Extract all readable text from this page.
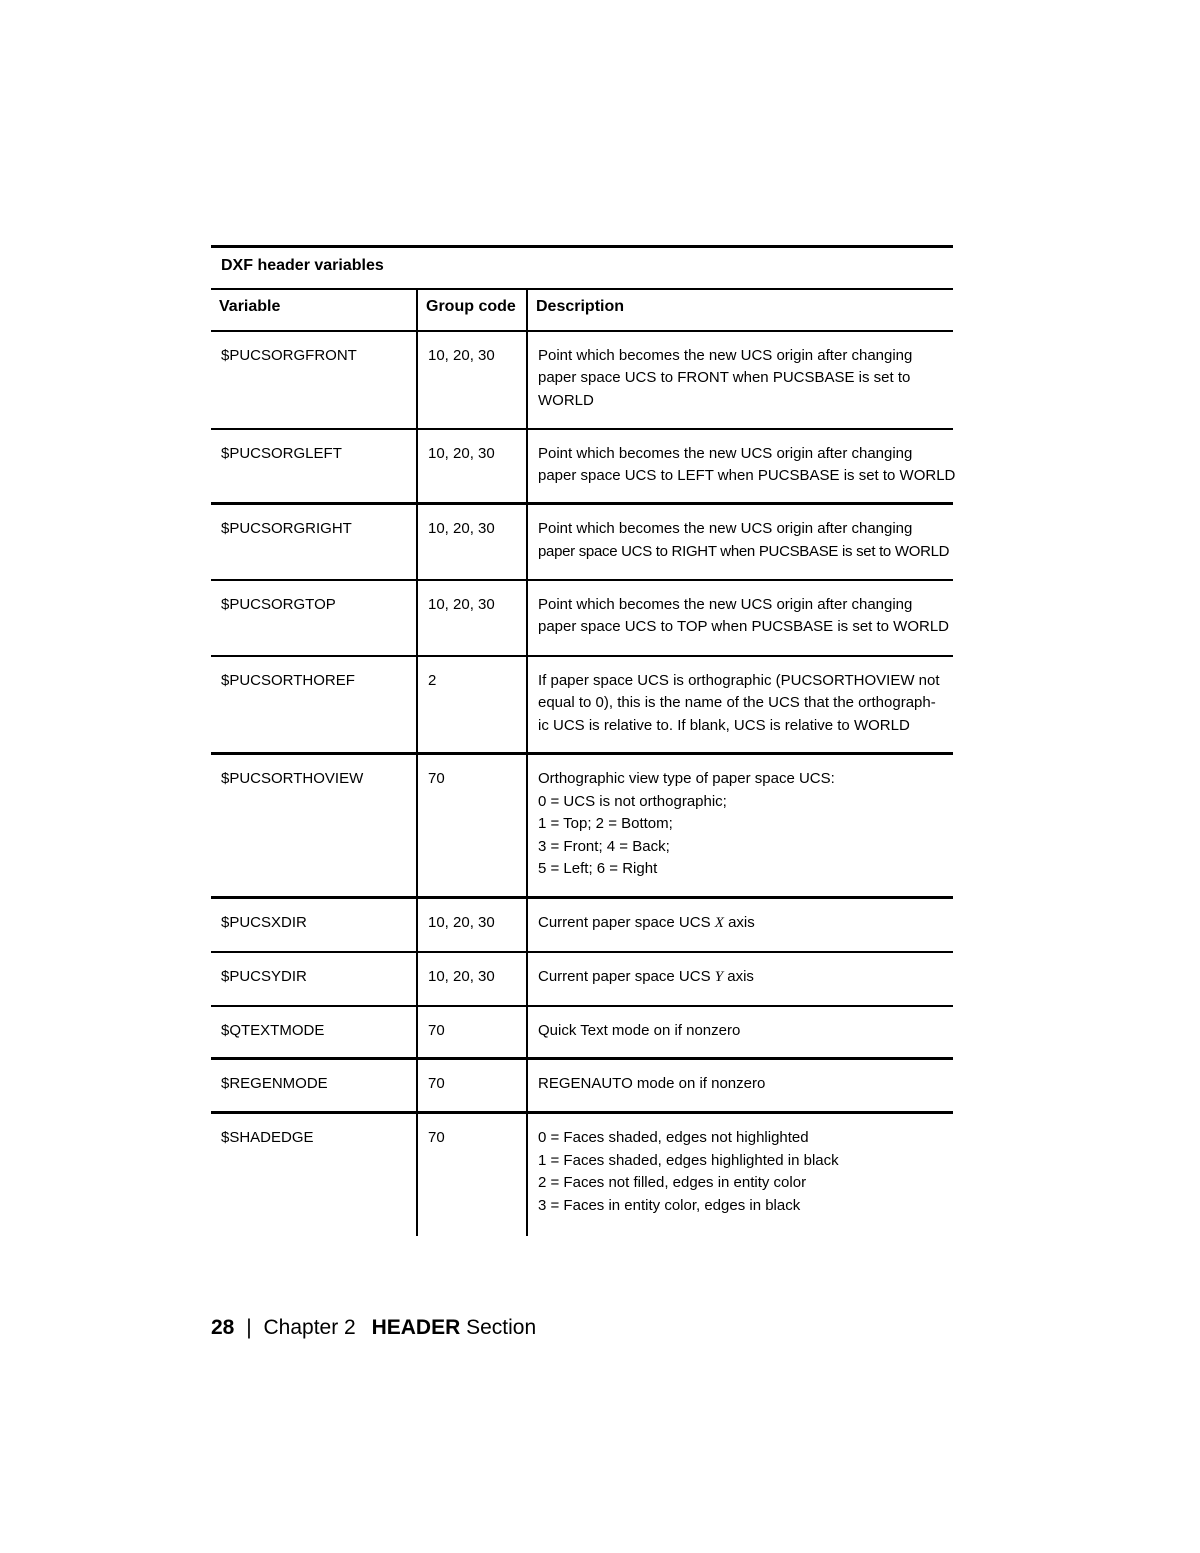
DXF header variables		
Variable	Group code	Description
$PUCSORGFRONT	10, 20, 30	Point which becomes the new UCS origin after changing
paper space UCS to FRONT when PUCSBASE is set to
WORLD

$PUCSORGLEFT	10, 20, 30	Point which becomes the new UCS origin after changing
paper space UCS to LEFT when PUCSBASE is set to WORLD

$PUCSORGRIGHT	10, 20, 30	Point which becomes the new UCS origin after changing
paper space UCS to RIGHT when PUCSBASE is set to WORLD

$PUCSORGTOP	10, 20, 30	Point which becomes the new UCS origin after changing
paper space UCS to TOP when PUCSBASE is set to WORLD

$PUCSORTHOREF	2	If paper space UCS is orthographic (PUCSORTHOVIEW not
equal to 0), this is the name of the UCS that the orthograph-
ic UCS is relative to. If blank, UCS is relative to WORLD

$PUCSORTHOVIEW	70	Orthographic view type of paper space UCS:
0 = UCS is not orthographic;
1 = Top; 2 = Bottom;
3 = Front; 4 = Back;
5 = Left; 6 = Right

$PUCSXDIR	10, 20, 30	Current paper space UCS X axis

$PUCSYDIR	10, 20, 30	Current paper space UCS Y axis

$QTEXTMODE	70	Quick Text mode on if nonzero

$REGENMODE	70	REGENAUTO mode on if nonzero

$SHADEDGE	70	0 = Faces shaded, edges not highlighted
1 = Faces shaded, edges highlighted in black
2 = Faces not filled, edges in entity color
3 = Faces in entity color, edges in black
28 | Chapter 2 HEADER Section
